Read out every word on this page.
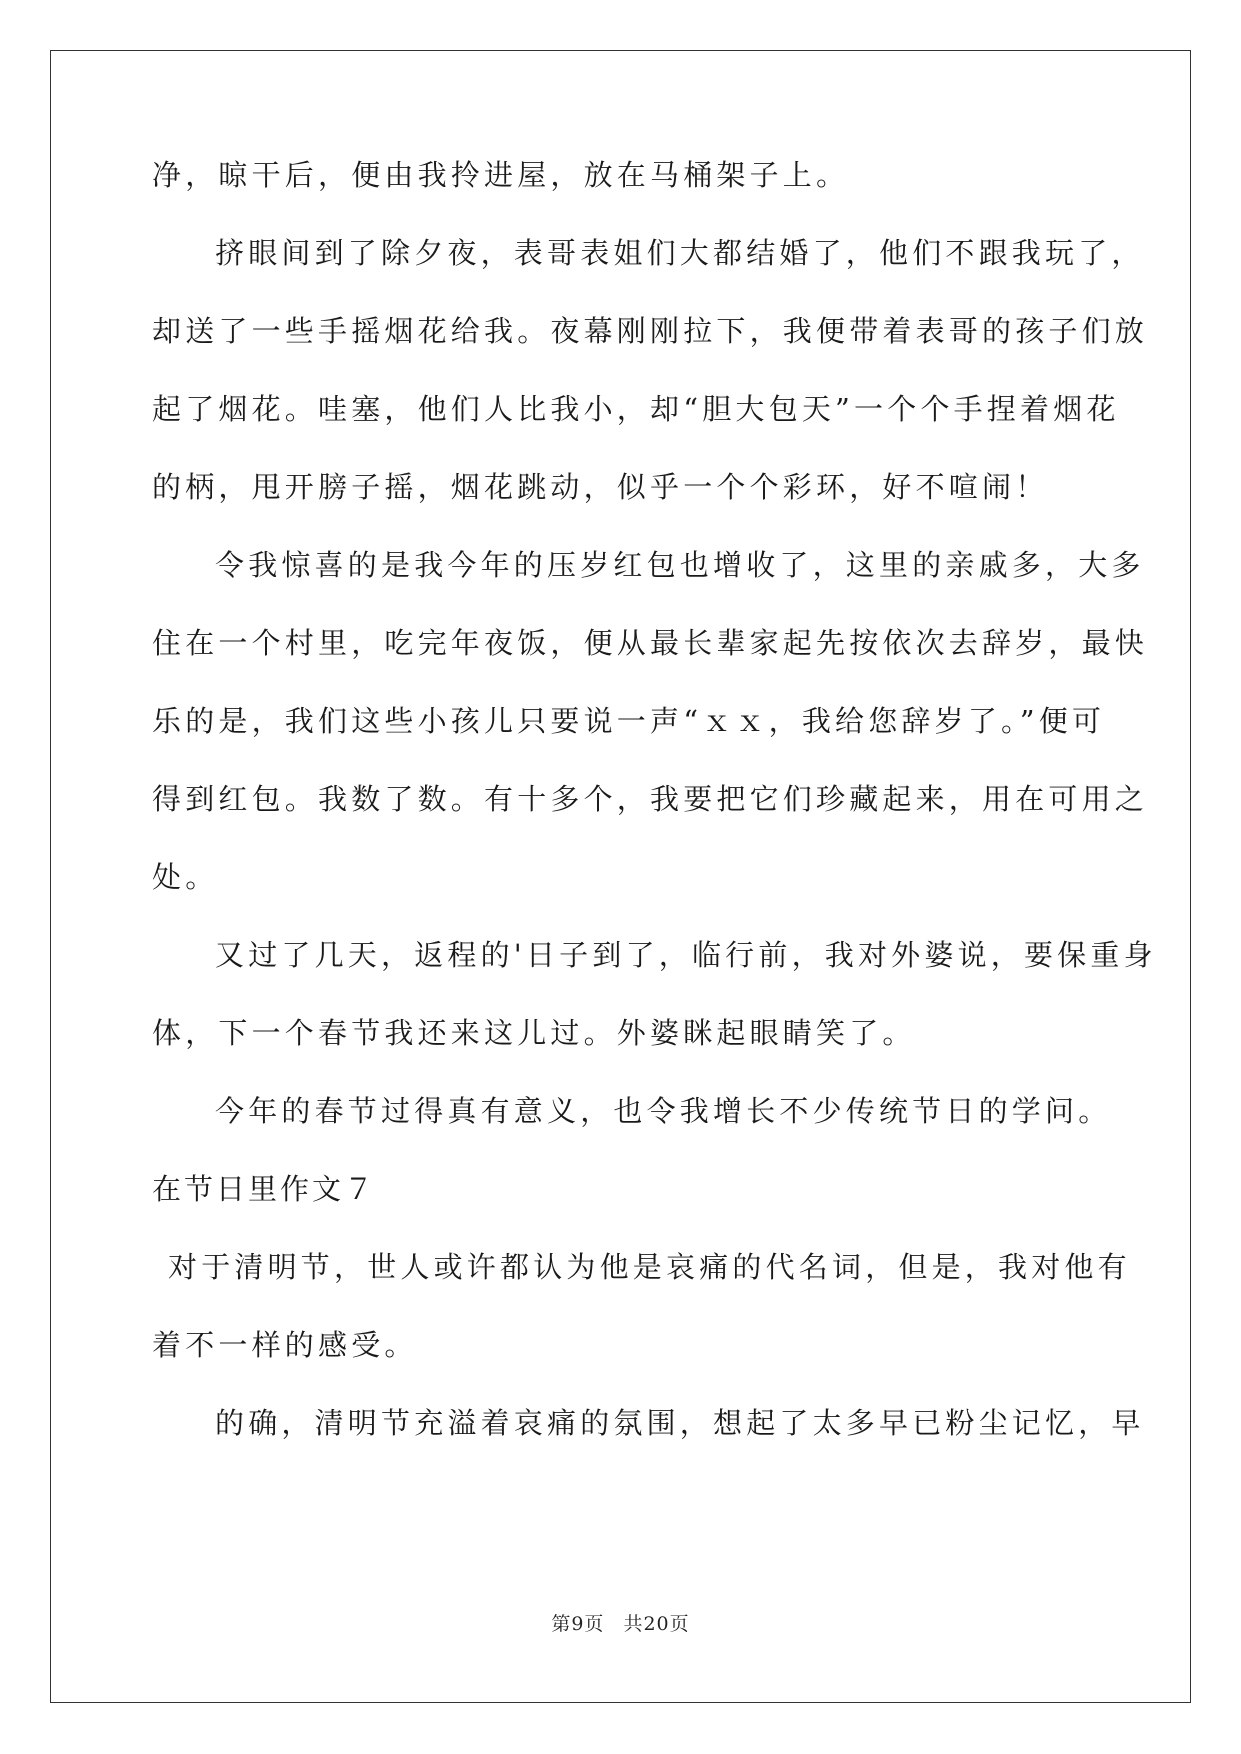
净，晾干后，便由我拎进屋，放在马桶架子上。
挤眼间到了除夕夜，表哥表姐们大都结婚了，他们不跟我玩了，
却送了一些手摇烟花给我。夜幕刚刚拉下，我便带着表哥的孩子们放
起了烟花。哇塞，他们人比我小，却“胆大包天”一个个手捏着烟花
的柄，甩开膀子摇，烟花跳动，似乎一个个彩环，好不喧闹！
令我惊喜的是我今年的压岁红包也增收了，这里的亲戚多，大多
住在一个村里，吃完年夜饭，便从最长辈家起先按依次去辞岁，最快
乐的是，我们这些小孩儿只要说一声“ｘｘ，我给您辞岁了。”便可
得到红包。我数了数。有十多个，我要把它们珍藏起来，用在可用之
处。
又过了几天，返程的'日子到了，临行前，我对外婆说，要保重身
体，下一个春节我还来这儿过。外婆眯起眼睛笑了。
今年的春节过得真有意义，也令我增长不少传统节日的学问。
在节日里作文７
对于清明节，世人或许都认为他是哀痛的代名词，但是，我对他有
着不一样的感受。
的确，清明节充溢着哀痛的氛围，想起了太多早已粉尘记忆，早
第9页 共20页
